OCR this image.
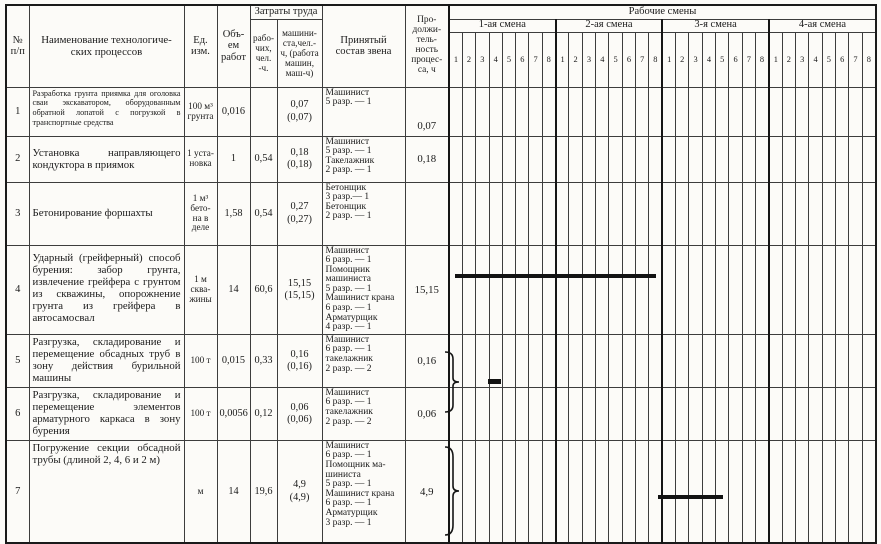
№
п/п	Наименование технологиче-
ских процессов	Ед.
изм.	Объ-
ем
работ	Затраты труда	Принятый
состав звена	Про-
должи-
тель-
ность
процес-
са, ч	Рабочие смены
				рабо-
чих,
чел.
-ч.	машини-
ста,чел.-
ч, (работа
машин,
маш-ч)			1-ая смена								2-ая смена								3-я смена								4-ая смена							
								1	2	3	4	5	6	7	8	1	2	3	4	5	6	7	8	1	2	3	4	5	6	7	8	1	2	3	4	5	6	7	8
1	Разработка грунта приямка для оголовка сваи экскаватором, оборудованным обратной лопатой с погрузкой в транспортные средства	100 м³
грунта	0,016		0,07
(0,07)	Машинист
5 разр. — 1	0,07																																
2	Установка направляющего кондуктора в приямок	1 уста-
новка	1	0,54	0,18
(0,18)	Машинист
5 разр. — 1
Такелажник
2 разр. — 1	0,18																																
3	Бетонирование форшахты	1 м³
бето-
на в
деле	1,58	0,54	0,27
(0,27)	Бетонщик
3 разр.— 1
Бетонщик
2 разр. — 1																																	
4	Ударный (грейферный) способ бурения: забор грунта, извлечение грейфера с грунтом из скважины, опорожнение грунта из грейфера в автосамосвал	1 м
сква-
жины	14	60,6	15,15
(15,15)	Машинист
6 разр. — 1
Помощник
машиниста
5 разр. — 1
Машинист крана
6 разр. — 1
Арматурщик
4 разр. — 1	15,15																																
5	Разгрузка, складирование и перемещение обсадных труб в зону действия бурильной машины	100 т	0,015	0,33	0,16
(0,16)	Машинист
6 разр. — 1
такелажник
2 разр. — 2	0,16																																
6	Разгрузка, складирование и перемещение элементов арматурного каркаса в зону бурения	100 т	0,0056	0,12	0,06
(0,06)	Машинист
6 разр. — 1
такелажник
2 разр. — 2	0,06																																
7	Погружение секции обсадной трубы (длиной 2, 4, 6 и 2 м)	м	14	19,6	4,9
(4,9)	Машинист
6 разр. — 1
Помощник ма-
шиниста
5 разр. — 1
Машинист крана
6 разр. — 1
Арматурщик
3 разр. — 1	4,9																																
